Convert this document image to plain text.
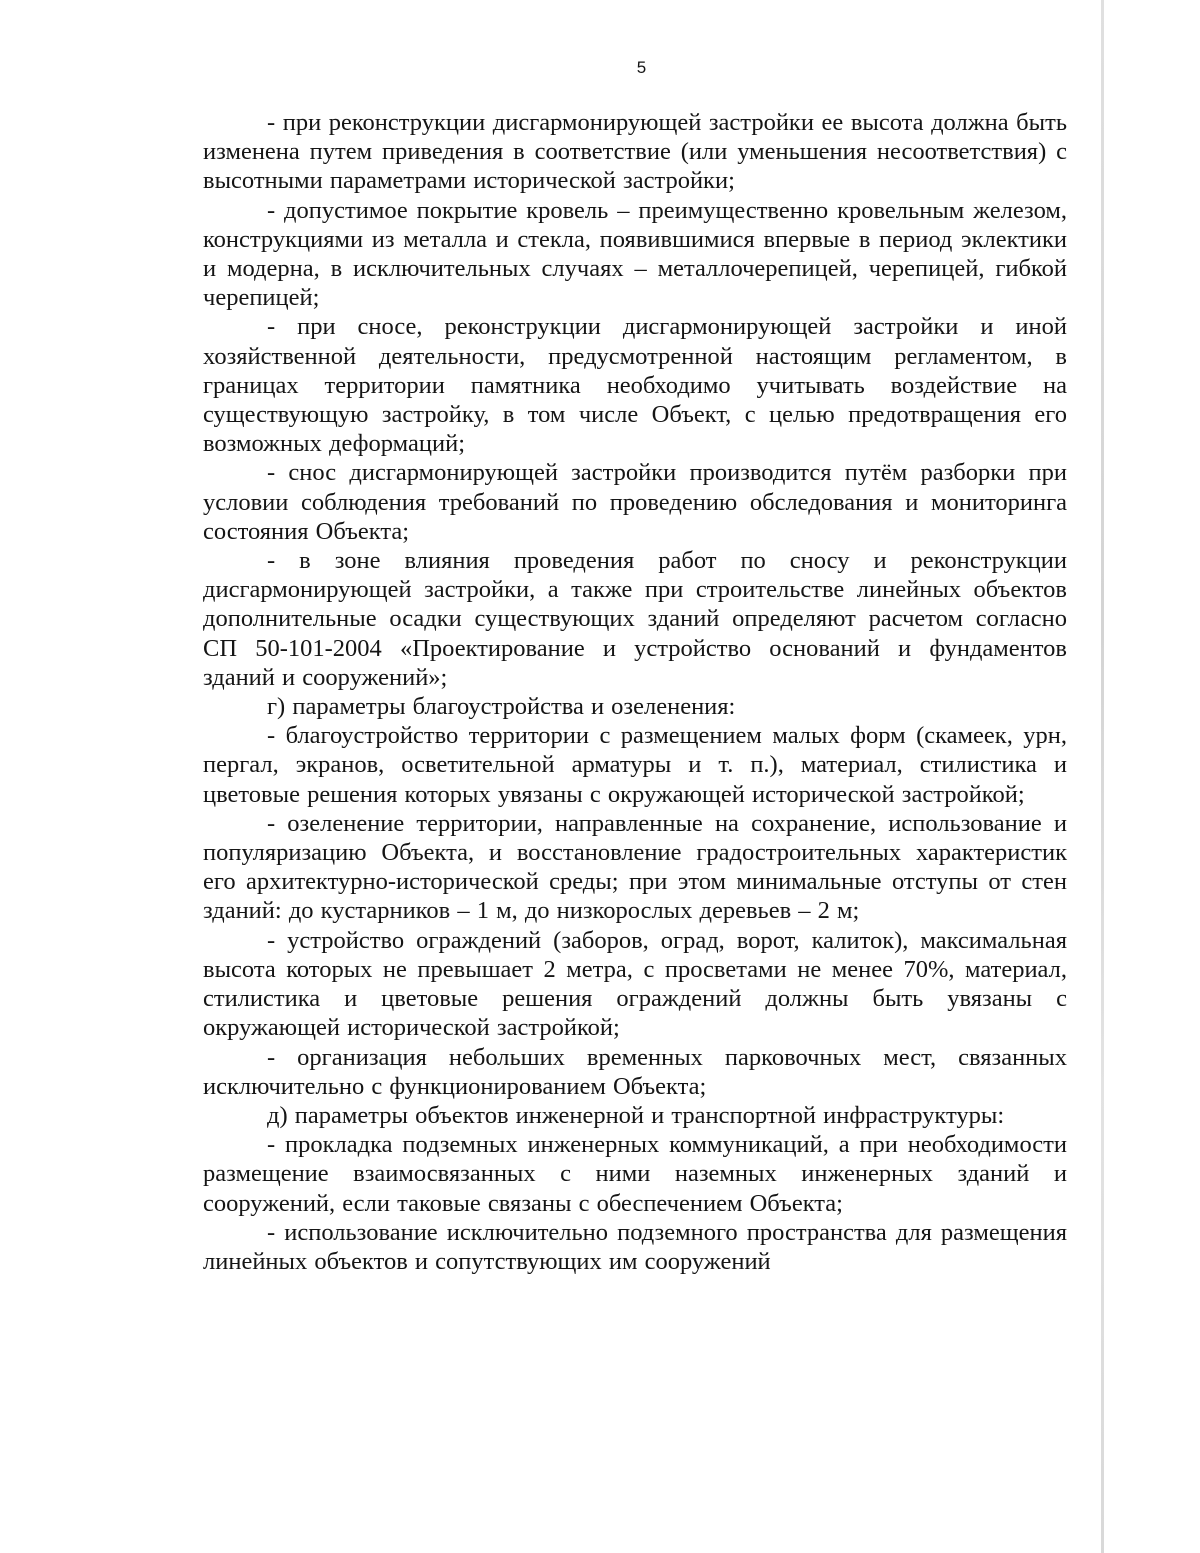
5

- при реконструкции дисгармонирующей застройки ее высота должна быть изменена путем приведения в соответствие (или уменьшения несоответствия) с высотными параметрами исторической застройки;

- допустимое покрытие кровель – преимущественно кровельным железом, конструкциями из металла и стекла, появившимися впервые в период эклектики и модерна, в исключительных случаях – металлочерепицей, черепицей, гибкой черепицей;

- при сносе, реконструкции дисгармонирующей застройки и иной хозяйственной деятельности, предусмотренной настоящим регламентом, в границах территории памятника необходимо учитывать воздействие на существующую застройку, в том числе Объект, с целью предотвращения его возможных деформаций;

- снос дисгармонирующей застройки производится путём разборки при условии соблюдения требований по проведению обследования и мониторинга состояния Объекта;

- в зоне влияния проведения работ по сносу и реконструкции дисгармонирующей застройки, а также при строительстве линейных объектов дополнительные осадки существующих зданий определяют расчетом согласно СП 50-101-2004 «Проектирование и устройство оснований и фундаментов зданий и сооружений»;

г) параметры благоустройства и озеленения:

- благоустройство территории с размещением малых форм (скамеек, урн, пергал, экранов, осветительной арматуры и т. п.), материал, стилистика и цветовые решения которых увязаны с окружающей исторической застройкой;

- озеленение территории, направленные на сохранение, использование и популяризацию Объекта, и восстановление градостроительных характеристик его архитектурно-исторической среды; при этом минимальные отступы от стен зданий: до кустарников – 1 м, до низкорослых деревьев – 2 м;

- устройство ограждений (заборов, оград, ворот, калиток), максимальная высота которых не превышает 2 метра, с просветами не менее 70%, материал, стилистика и цветовые решения ограждений должны быть увязаны с окружающей исторической застройкой;

- организация небольших временных парковочных мест, связанных исключительно с функционированием Объекта;

д) параметры объектов инженерной и транспортной инфраструктуры:

- прокладка подземных инженерных коммуникаций, а при необходимости размещение взаимосвязанных с ними наземных инженерных зданий и сооружений, если таковые связаны с обеспечением Объекта;

- использование исключительно подземного пространства для размещения линейных объектов и сопутствующих им сооружений
